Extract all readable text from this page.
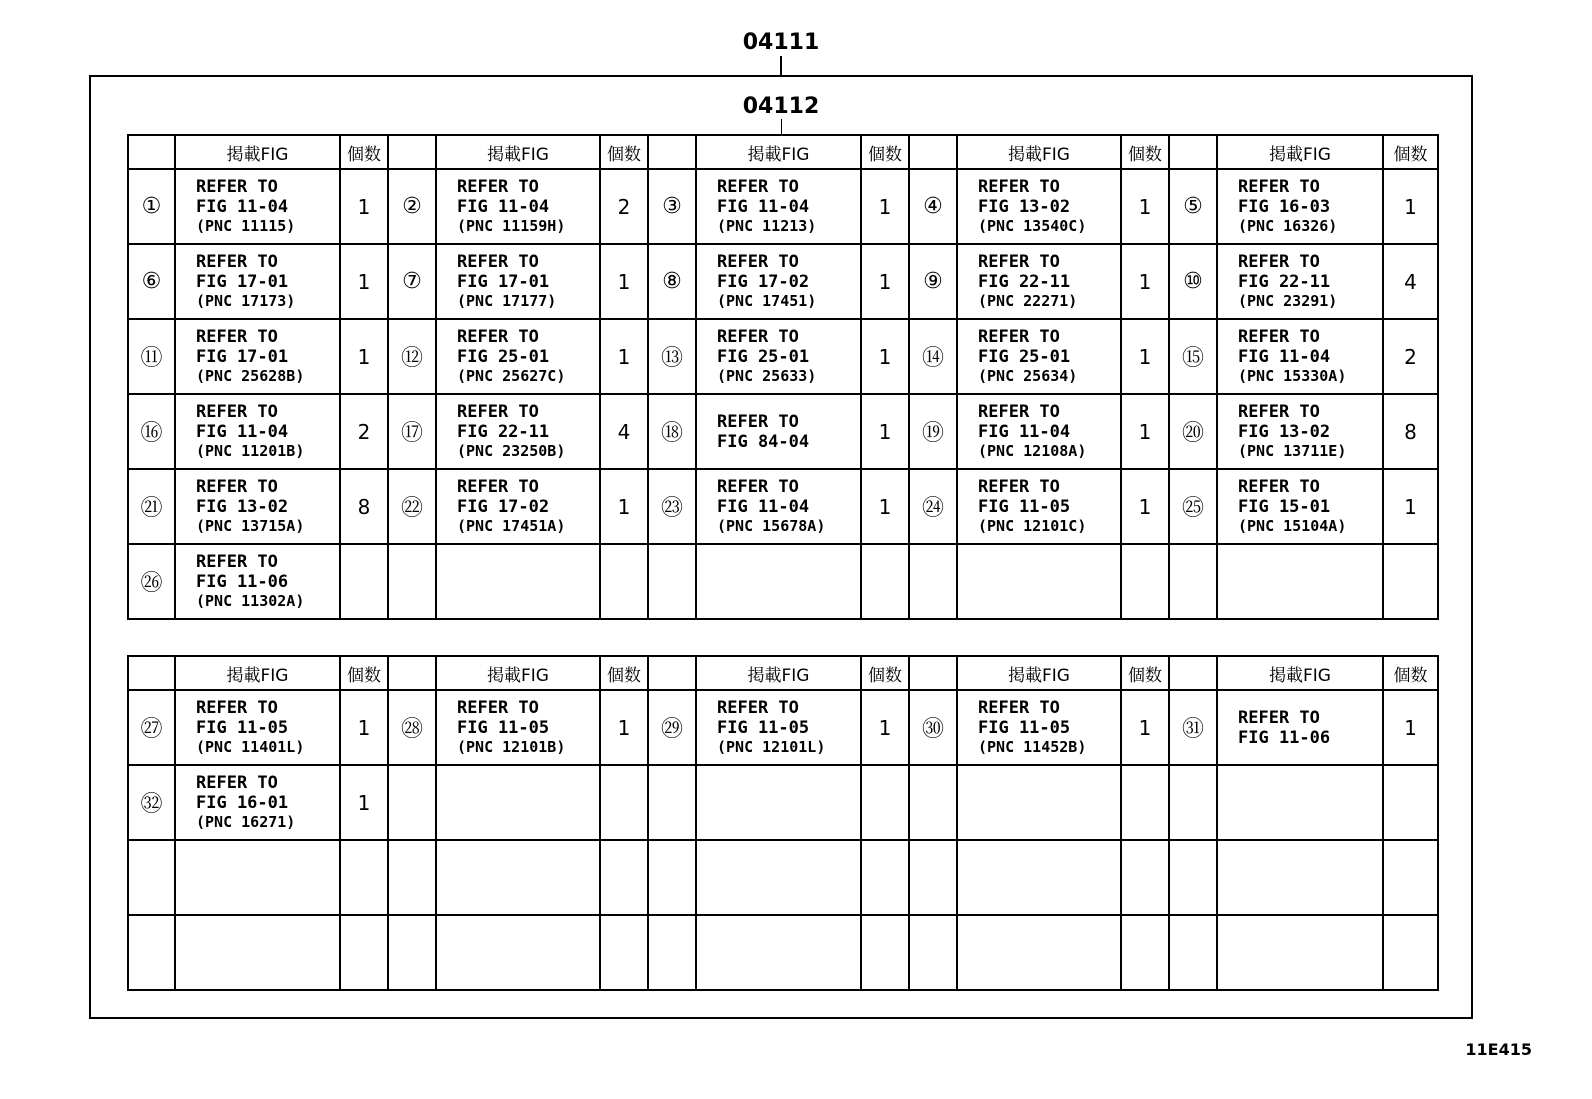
04111
04112
	掲載FIG	個数		掲載FIG	個数		掲載FIG	個数		掲載FIG	個数		掲載FIG	個数
①	REFER TO
FIG 11-04
(PNC 11115)	1	②	REFER TO
FIG 11-04
(PNC 11159H)	2	③	REFER TO
FIG 11-04
(PNC 11213)	1	④	REFER TO
FIG 13-02
(PNC 13540C)	1	⑤	REFER TO
FIG 16-03
(PNC 16326)	1
⑥	REFER TO
FIG 17-01
(PNC 17173)	1	⑦	REFER TO
FIG 17-01
(PNC 17177)	1	⑧	REFER TO
FIG 17-02
(PNC 17451)	1	⑨	REFER TO
FIG 22-11
(PNC 22271)	1	⑩	REFER TO
FIG 22-11
(PNC 23291)	4
⑪	REFER TO
FIG 17-01
(PNC 25628B)	1	⑫	REFER TO
FIG 25-01
(PNC 25627C)	1	⑬	REFER TO
FIG 25-01
(PNC 25633)	1	⑭	REFER TO
FIG 25-01
(PNC 25634)	1	⑮	REFER TO
FIG 11-04
(PNC 15330A)	2
⑯	REFER TO
FIG 11-04
(PNC 11201B)	2	⑰	REFER TO
FIG 22-11
(PNC 23250B)	4	⑱	REFER TO
FIG 84-04	1	⑲	REFER TO
FIG 11-04
(PNC 12108A)	1	⑳	REFER TO
FIG 13-02
(PNC 13711E)	8
㉑	REFER TO
FIG 13-02
(PNC 13715A)	8	㉒	REFER TO
FIG 17-02
(PNC 17451A)	1	㉓	REFER TO
FIG 11-04
(PNC 15678A)	1	㉔	REFER TO
FIG 11-05
(PNC 12101C)	1	㉕	REFER TO
FIG 15-01
(PNC 15104A)	1
㉖	REFER TO
FIG 11-06
(PNC 11302A)													

	掲載FIG	個数		掲載FIG	個数		掲載FIG	個数		掲載FIG	個数		掲載FIG	個数
㉗	REFER TO
FIG 11-05
(PNC 11401L)	1	㉘	REFER TO
FIG 11-05
(PNC 12101B)	1	㉙	REFER TO
FIG 11-05
(PNC 12101L)	1	㉚	REFER TO
FIG 11-05
(PNC 11452B)	1	㉛	REFER TO
FIG 11-06	1
㉜	REFER TO
FIG 16-01
(PNC 16271)	1		

11E415
